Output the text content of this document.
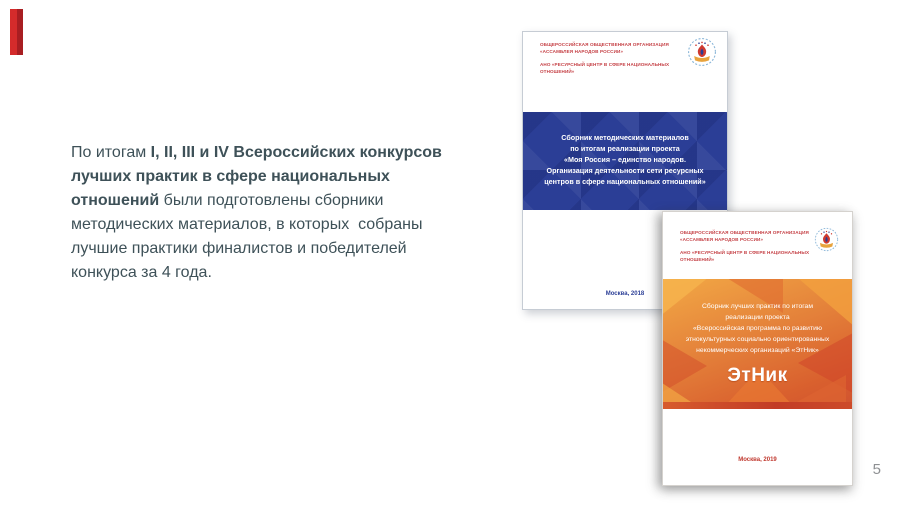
По итогам I, II, III и IV Всероссийских конкурсов
лучших практик в сфере национальных
отношений были подготовлены сборники
методических материалов, в которых  собраны
лучшие практики финалистов и победителей
конкурса за 4 года.
ОБЩЕРОССИЙСКАЯ ОБЩЕСТВЕННАЯ ОРГАНИЗАЦИЯ
«АССАМБЛЕЯ НАРОДОВ РОССИИ»
АНО «РЕСУРСНЫЙ ЦЕНТР В СФЕРЕ НАЦИОНАЛЬНЫХ ОТНОШЕНИЙ»
Сборник методических материалов
по итогам реализации проекта
«Моя Россия – единство народов.
Организация деятельности сети ресурсных
центров в сфере национальных отношений»
Москва, 2018
ОБЩЕРОССИЙСКАЯ ОБЩЕСТВЕННАЯ ОРГАНИЗАЦИЯ
«АССАМБЛЕЯ НАРОДОВ РОССИИ»
АНО «РЕСУРСНЫЙ ЦЕНТР В СФЕРЕ НАЦИОНАЛЬНЫХ ОТНОШЕНИЙ»
Сборник лучших практик по итогам
реализации проекта
«Всероссийская программа по развитию
этнокультурных социально ориентированных
некоммерческих организаций «ЭтНик»
ЭтНик
Москва, 2019
5
